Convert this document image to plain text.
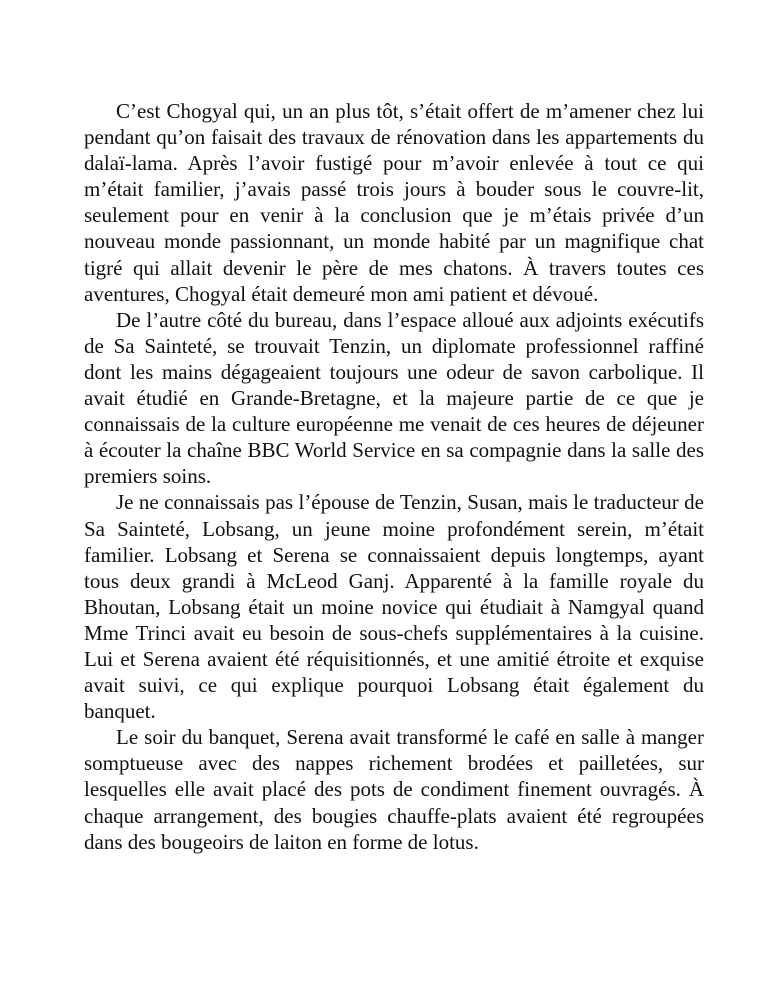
C’est Chogyal qui, un an plus tôt, s’était offert de m’amener chez lui pendant qu’on faisait des travaux de rénovation dans les appartements du dalaï-lama. Après l’avoir fustigé pour m’avoir enlevée à tout ce qui m’était familier, j’avais passé trois jours à bouder sous le couvre-lit, seulement pour en venir à la conclusion que je m’étais privée d’un nouveau monde passionnant, un monde habité par un magnifique chat tigré qui allait devenir le père de mes chatons. À travers toutes ces aventures, Chogyal était demeuré mon ami patient et dévoué.

De l’autre côté du bureau, dans l’espace alloué aux adjoints exécutifs de Sa Sainteté, se trouvait Tenzin, un diplomate professionnel raffiné dont les mains dégageaient toujours une odeur de savon carbolique. Il avait étudié en Grande-Bretagne, et la majeure partie de ce que je connaissais de la culture européenne me venait de ces heures de déjeuner à écouter la chaîne BBC World Service en sa compagnie dans la salle des premiers soins.

Je ne connaissais pas l’épouse de Tenzin, Susan, mais le traducteur de Sa Sainteté, Lobsang, un jeune moine profondément serein, m’était familier. Lobsang et Serena se connaissaient depuis longtemps, ayant tous deux grandi à McLeod Ganj. Apparenté à la famille royale du Bhoutan, Lobsang était un moine novice qui étudiait à Namgyal quand Mme Trinci avait eu besoin de sous-chefs supplémentaires à la cuisine. Lui et Serena avaient été réquisitionnés, et une amitié étroite et exquise avait suivi, ce qui explique pourquoi Lobsang était également du banquet.

Le soir du banquet, Serena avait transformé le café en salle à manger somptueuse avec des nappes richement brodées et pailletées, sur lesquelles elle avait placé des pots de condiment finement ouvragés. À chaque arrangement, des bougies chauffe-plats avaient été regroupées dans des bougeoirs de laiton en forme de lotus.
